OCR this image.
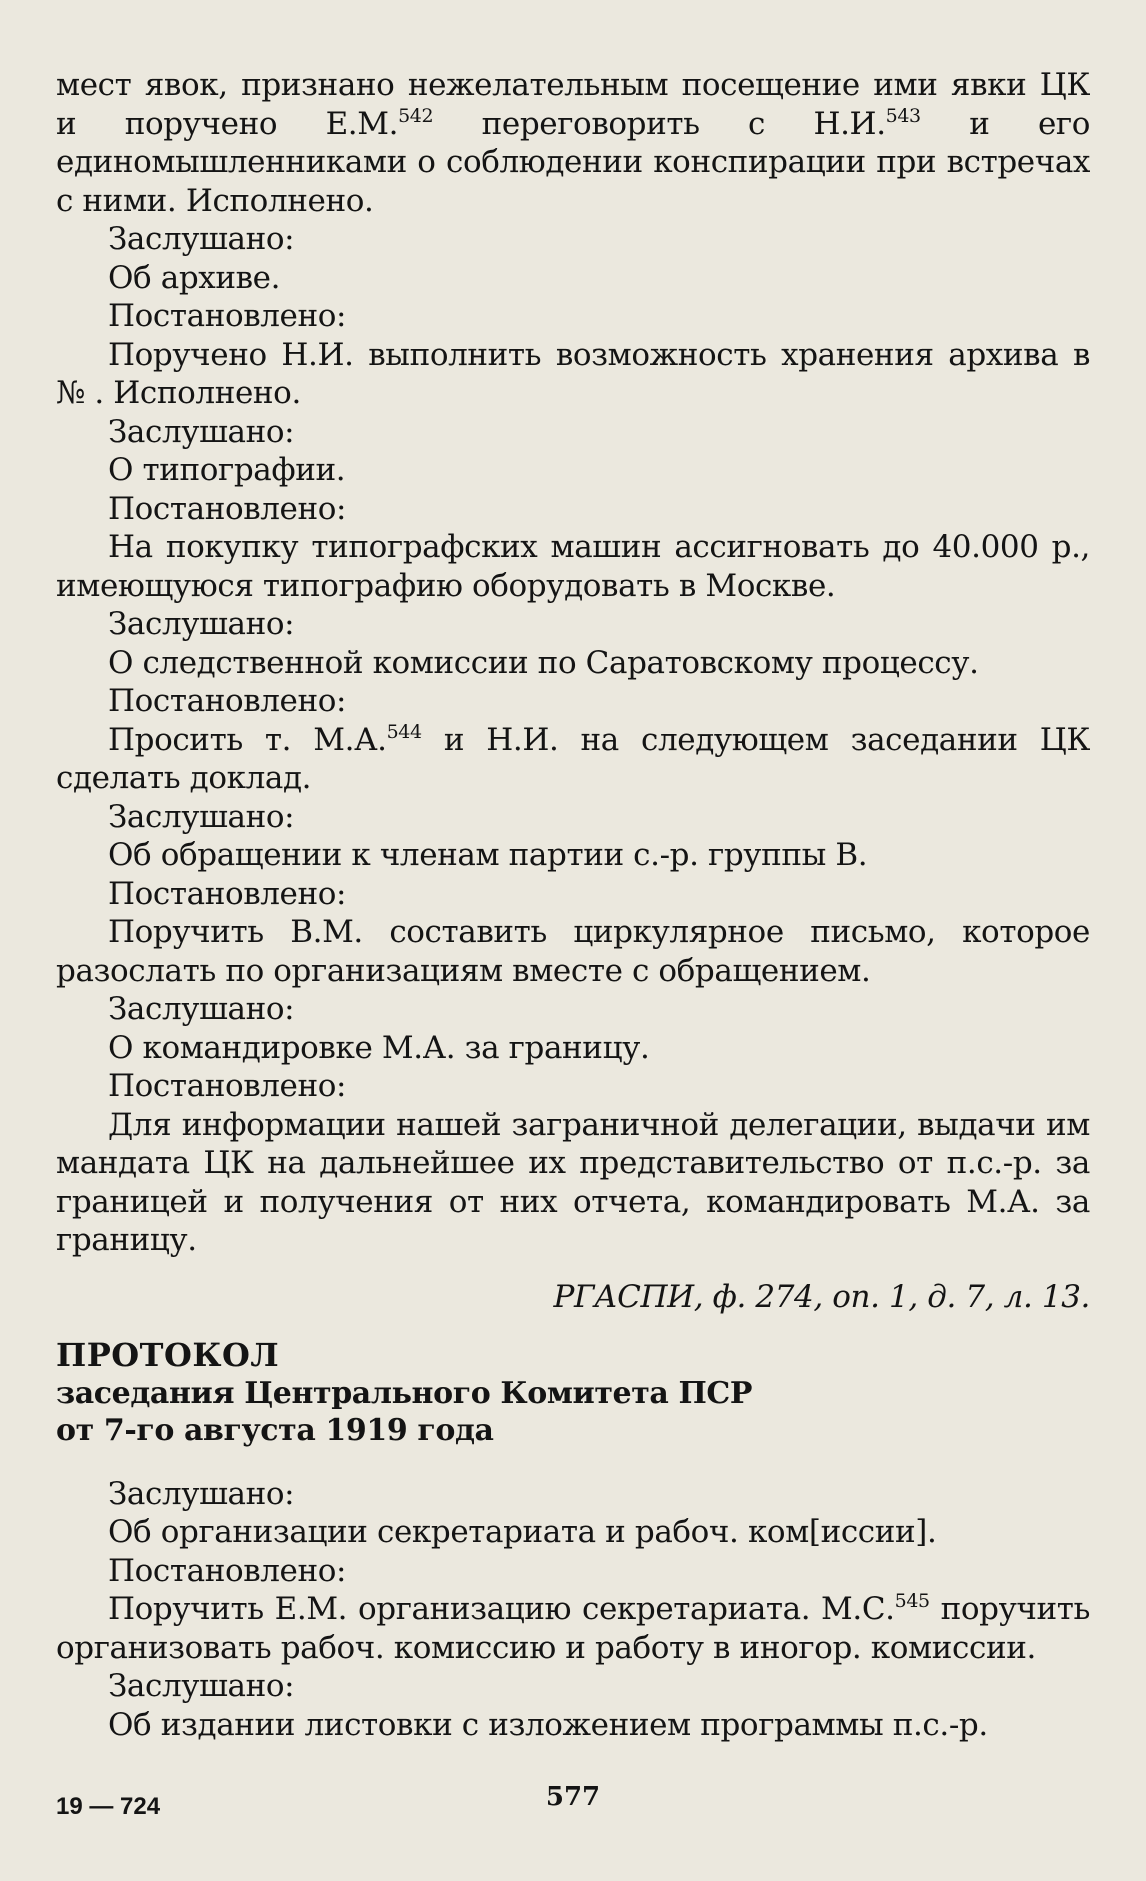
мест явок, признано нежелательным посещение ими явки ЦК и поручено Е.М.$^{542}$ переговорить с Н.И.$^{543}$ и его единомышленниками о соблюдении конспирации при встречах с ними. Исполнено.

Заслушано:

Об архиве.

Постановлено:

Поручено Н.И. выполнить возможность хранения архива в № . Исполнено.

Заслушано:

О типографии.

Постановлено:

На покупку типографских машин ассигновать до 40.000 р., имеющуюся типографию оборудовать в Москве.

Заслушано:

О следственной комиссии по Саратовскому процессу.

Постановлено:

Просить т. М.А.$^{544}$ и Н.И. на следующем заседании ЦК сделать доклад.

Заслушано:

Об обращении к членам партии с.-р. группы В.

Постановлено:

Поручить В.М. составить циркулярное письмо, которое разослать по организациям вместе с обращением.

Заслушано:

О командировке М.А. за границу.

Постановлено:

Для информации нашей заграничной делегации, выдачи им мандата ЦК на дальнейшее их представительство от п.с.-р. за границей и получения от них отчета, командировать М.А. за границу.

РГАСПИ, ф. 274, оп. 1, д. 7, л. 13.

ПРОТОКОЛ

заседания Центрального Комитета ПСР

от 7-го августа 1919 года

Заслушано:

Об организации секретариата и рабоч. ком[иссии].

Постановлено:

Поручить Е.М. организацию секретариата. М.С.$^{545}$ поручить организовать рабоч. комиссию и работу в иногор. комиссии.

Заслушано:

Об издании листовки с изложением программы п.с.-р.

19 — 724	577
